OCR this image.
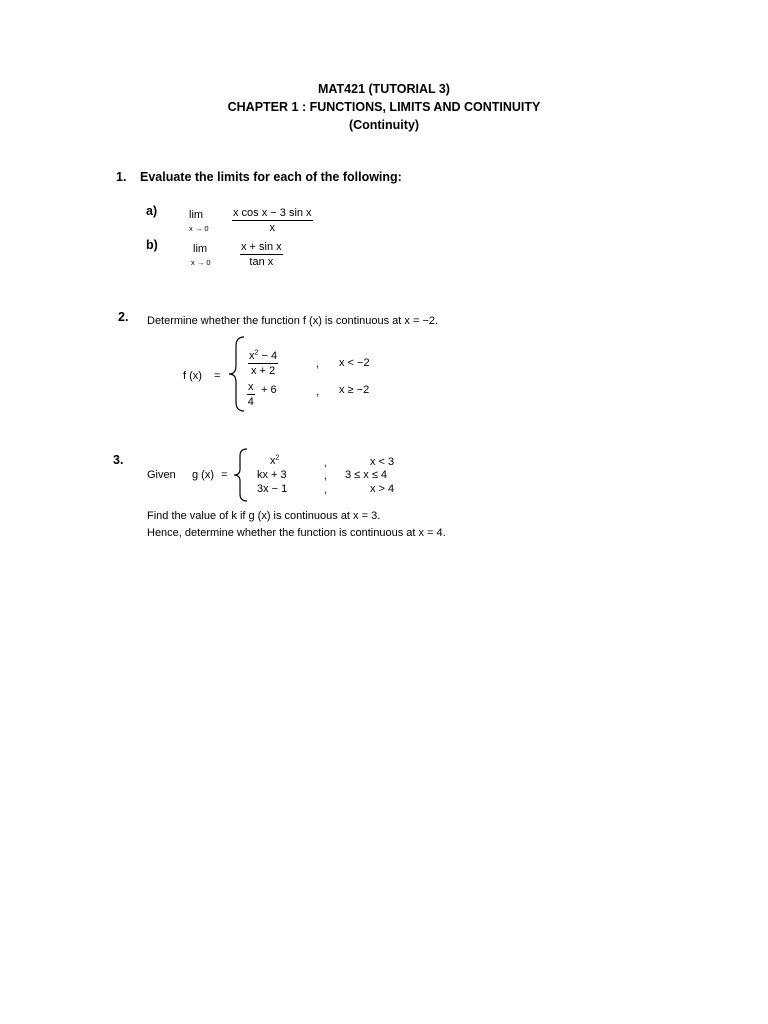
MAT421 (TUTORIAL 3)
CHAPTER 1 : FUNCTIONS, LIMITS AND CONTINUITY
(Continuity)
1. Evaluate the limits for each of the following:
a)	lim
$x \to 0 \frac{\text{x cos x − 3 sin x}}{x}$
b)	lim
x → 0	$\frac{\text{x + sin x}}{\text{tan x}}$
2. Determine whether the function f (x) is continuous at x = −2.
f (x) =	$\frac{x^2 - 4}{x + 2}$	, x < −2
$\frac{x}{4} + 6$	, x ≥ −2
3.
Given g (x) =
$x^2$	,	x < 3
kx + 3	, 3 ≤ x ≤ 4
3x − 1	,	x > 4
Find the value of k if g (x) is continuous at x = 3.
Hence, determine whether the function is continuous at x = 4.
